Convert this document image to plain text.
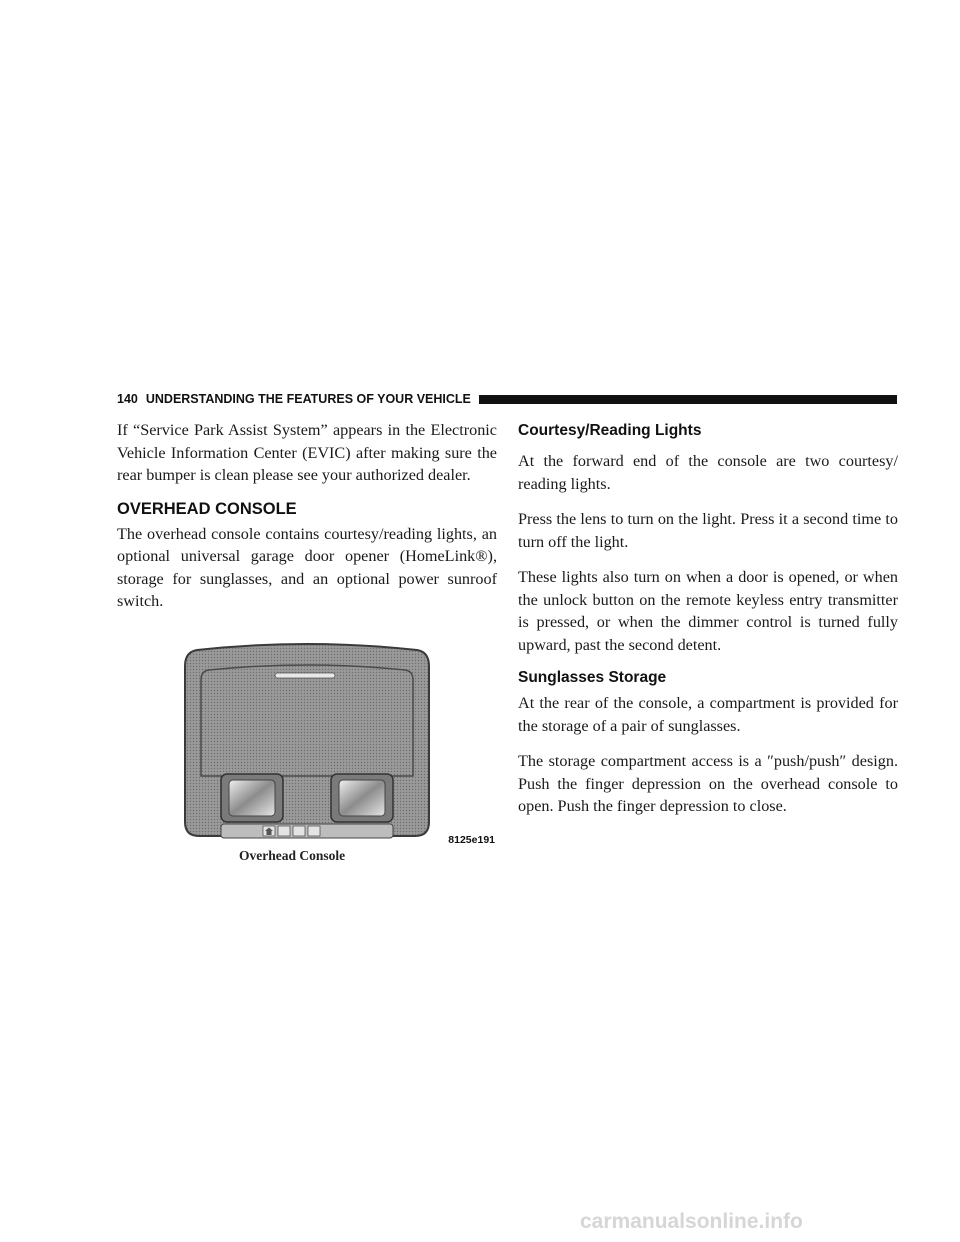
140 UNDERSTANDING THE FEATURES OF YOUR VEHICLE

If “Service Park Assist System” appears in the Electronic Vehicle Information Center (EVIC) after making sure the rear bumper is clean please see your authorized dealer.

OVERHEAD CONSOLE

The overhead console contains courtesy/reading lights, an optional universal garage door opener (HomeLink®), storage for sunglasses, and an optional power sunroof switch.

8125e191
Overhead Console
Courtesy/Reading Lights

At the forward end of the console are two courtesy/ reading lights.

Press the lens to turn on the light. Press it a second time to turn off the light.

These lights also turn on when a door is opened, or when the unlock button on the remote keyless entry transmitter is pressed, or when the dimmer control is turned fully upward, past the second detent.

Sunglasses Storage

At the rear of the console, a compartment is provided for the storage of a pair of sunglasses.

The storage compartment access is a ″push/push″ design. Push the finger depression on the overhead console to open. Push the finger depression to close.

carmanualsonline.info
